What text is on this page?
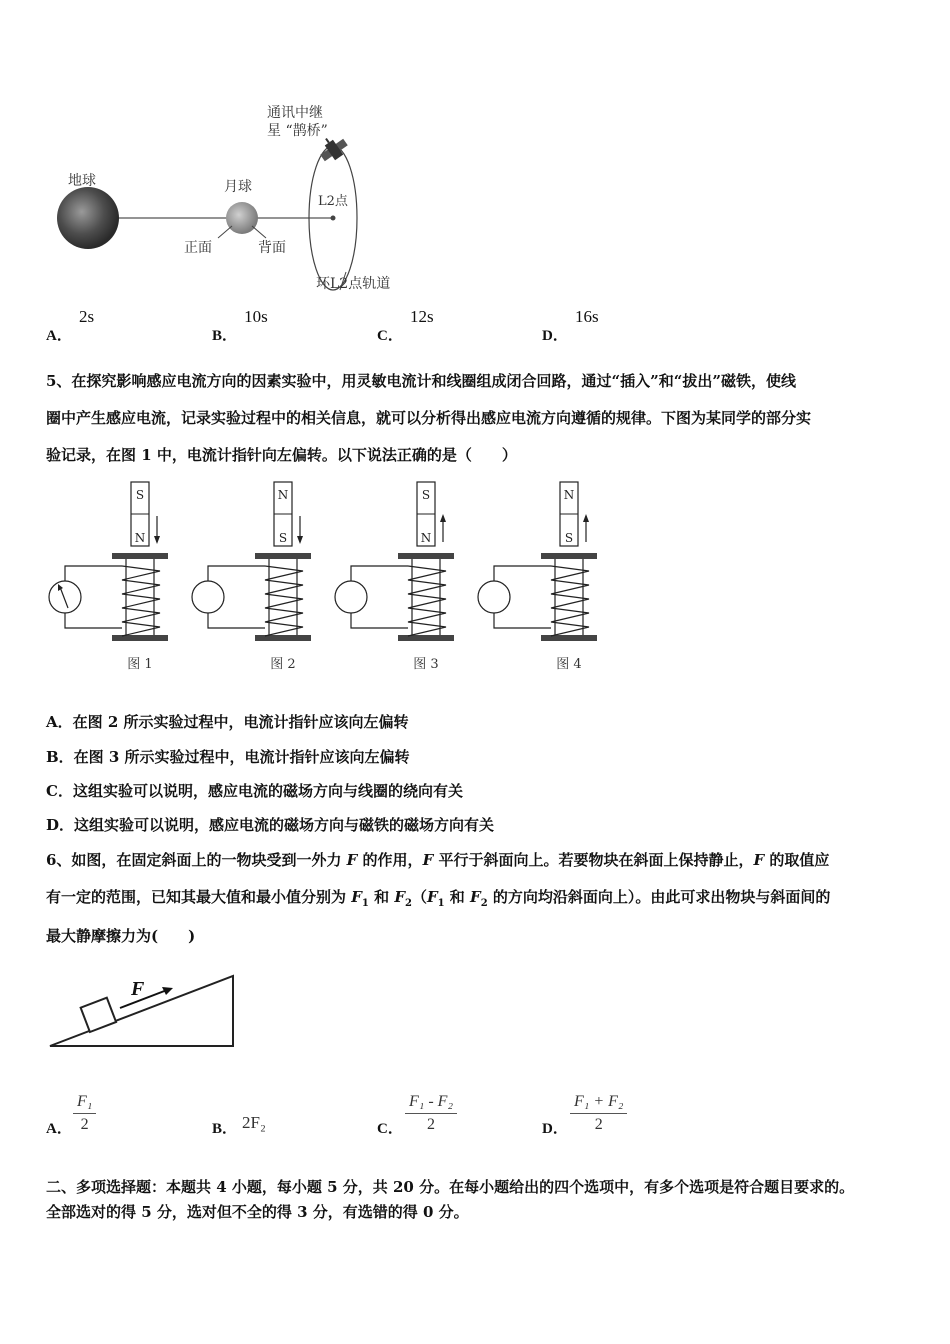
地球	月球
正面	背面
L2点
环L2点轨道
通讯中继
星 “鹊桥”
A． 2s
B． 10s
C． 12s
D． 16s
5、在探究影响感应电流方向的因素实验中，用灵敏电流计和线圈组成闭合回路，通过“插入”和“拔出”磁铁，使线
圈中产生感应电流，记录实验过程中的相关信息，就可以分析得出感应电流方向遵循的规律。下图为某同学的部分实
验记录，在图 1 中，电流计指针向左偏转。以下说法正确的是（　　）
S
N
图 1
N
S
图 2
S
N
图 3
N
S
图 4
A．在图 2 所示实验过程中，电流计指针应该向左偏转
B．在图 3 所示实验过程中，电流计指针应该向左偏转
C．这组实验可以说明，感应电流的磁场方向与线圈的绕向有关
D．这组实验可以说明，感应电流的磁场方向与磁铁的磁场方向有关
6、如图，在固定斜面上的一物块受到一外力 F 的作用，F 平行于斜面向上。若要物块在斜面上保持静止，F 的取值应
有一定的范围，已知其最大值和最小值分别为 $F_1$ 和 $F_2(F_1$ 和 $F_2$ 的方向均沿斜面向上）。由此可求出物块与斜面间的
最大静摩擦力为(　　)
F
A．
F₁
2	B． 2F₂	C．
F₁ - F₂
2	D．
F₁ + F₂
2
二、多项选择题：本题共 4 小题，每小题 5 分，共 20 分。在每小题给出的四个选项中，有多个选项是符合题目要求的。
全部选对的得 5 分，选对但不全的得 3 分，有选错的得 0 分。
